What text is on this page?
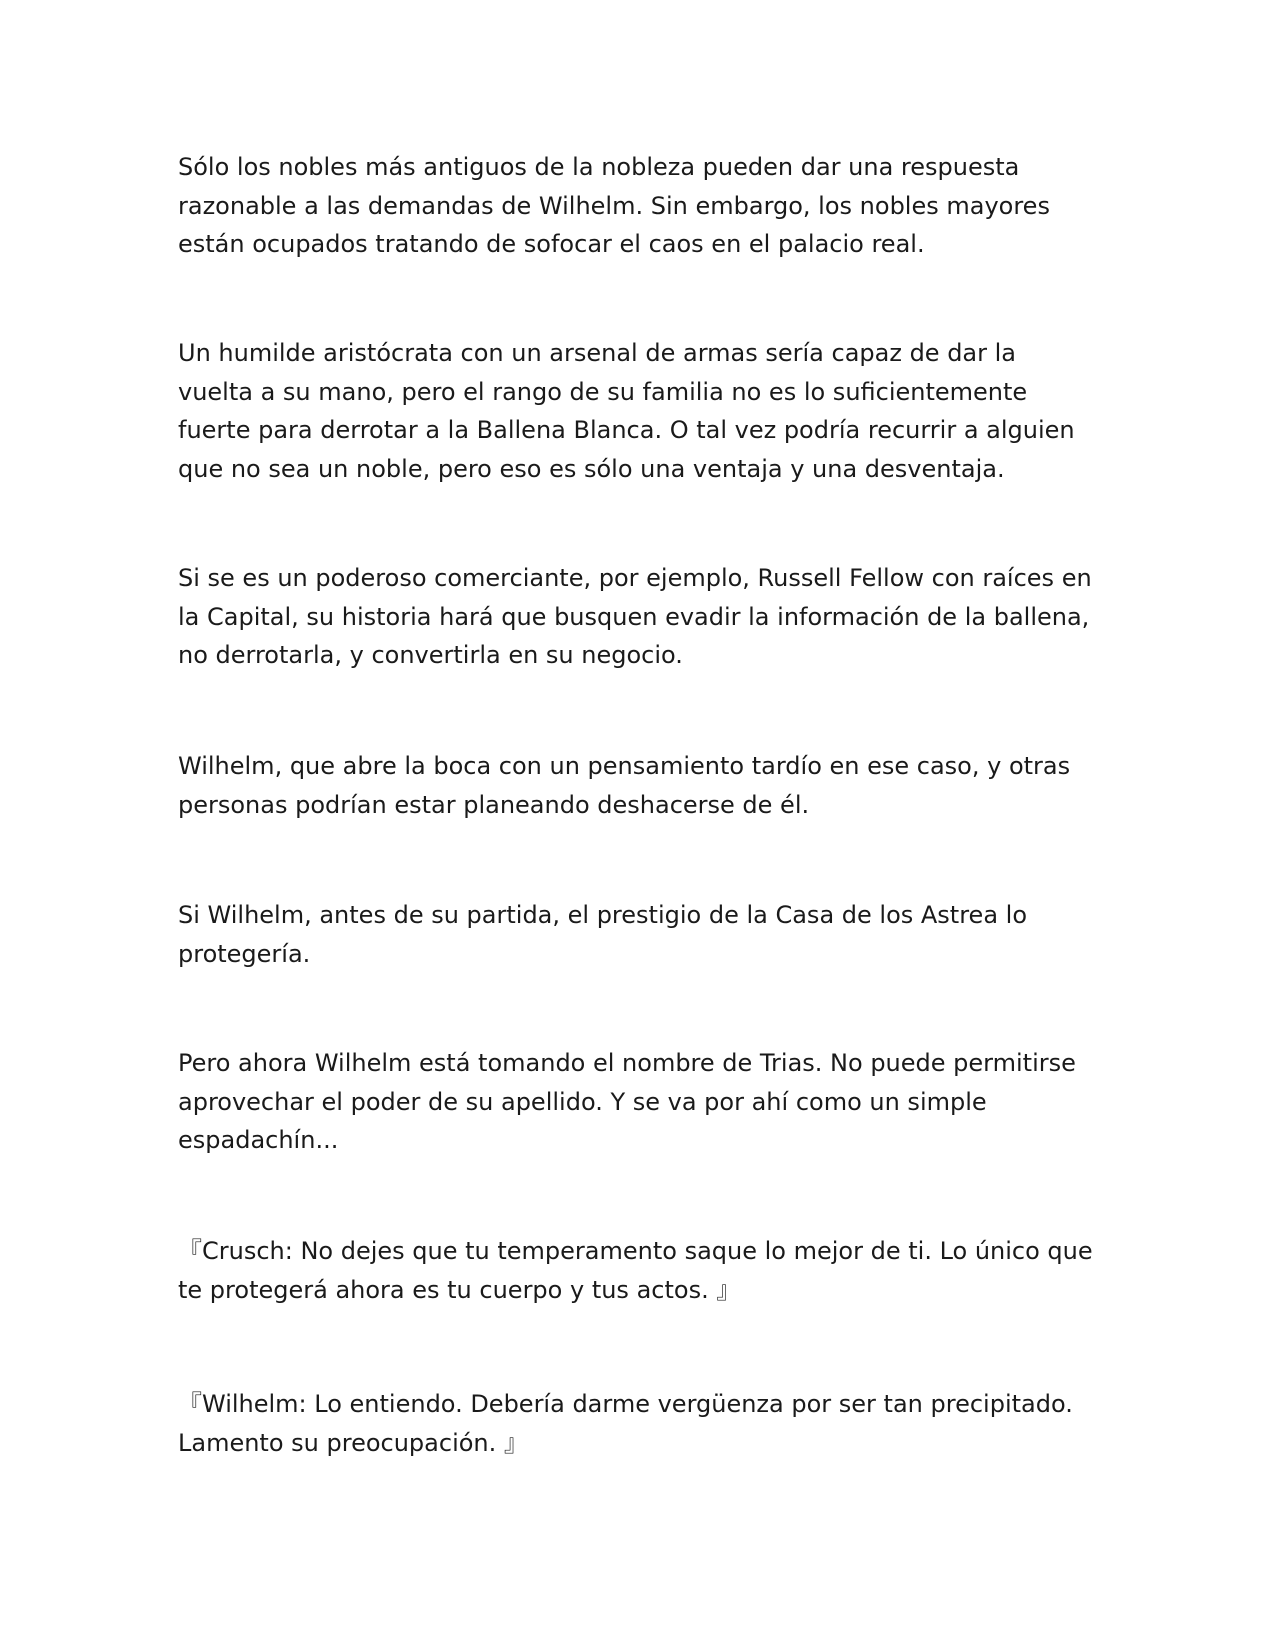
Sólo los nobles más antiguos de la nobleza pueden dar una respuesta razonable a las demandas de Wilhelm. Sin embargo, los nobles mayores están ocupados tratando de sofocar el caos en el palacio real.

Un humilde aristócrata con un arsenal de armas sería capaz de dar la vuelta a su mano, pero el rango de su familia no es lo suficientemente fuerte para derrotar a la Ballena Blanca. O tal vez podría recurrir a alguien que no sea un noble, pero eso es sólo una ventaja y una desventaja.

Si se es un poderoso comerciante, por ejemplo, Russell Fellow con raíces en la Capital, su historia hará que busquen evadir la información de la ballena, no derrotarla, y convertirla en su negocio.

Wilhelm, que abre la boca con un pensamiento tardío en ese caso, y otras personas podrían estar planeando deshacerse de él.

Si Wilhelm, antes de su partida, el prestigio de la Casa de los Astrea lo protegería.

Pero ahora Wilhelm está tomando el nombre de Trias. No puede permitirse aprovechar el poder de su apellido. Y se va por ahí como un simple espadachín...

『Crusch: No dejes que tu temperamento saque lo mejor de ti. Lo único que te protegerá ahora es tu cuerpo y tus actos. 』

『Wilhelm: Lo entiendo. Debería darme vergüenza por ser tan precipitado. Lamento su preocupación. 』
